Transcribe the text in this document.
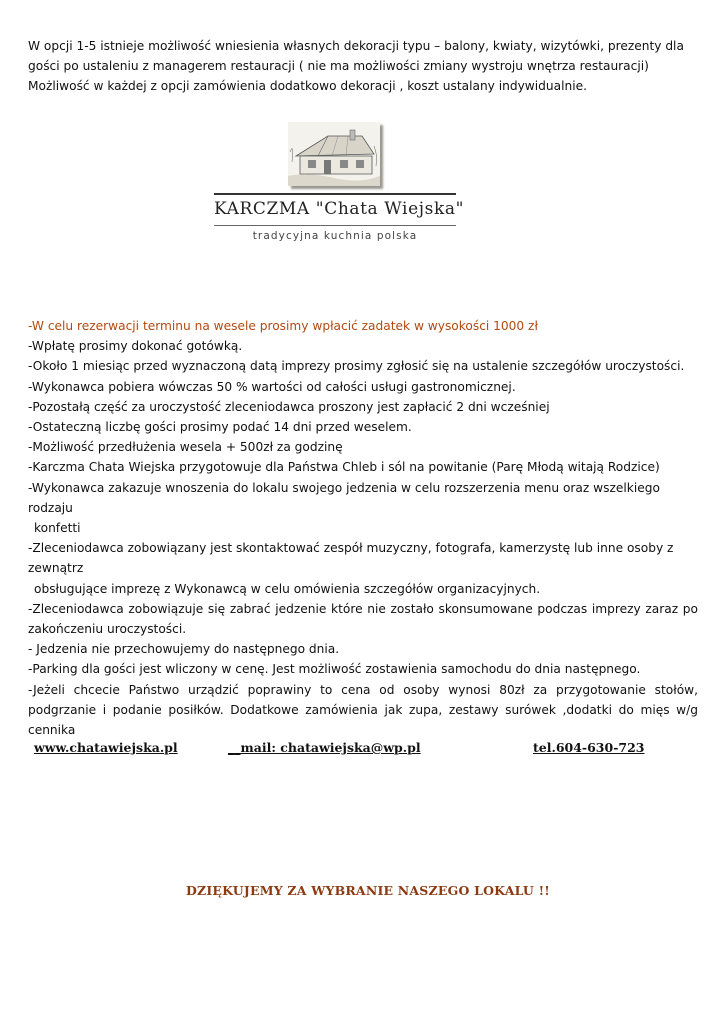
W opcji 1-5 istnieje możliwość wniesienia własnych dekoracji typu – balony, kwiaty, wizytówki, prezenty dla gości po ustaleniu z managerem restauracji ( nie ma możliwości zmiany wystroju wnętrza restauracji)

Możliwość w każdej z opcji zamówienia dodatkowo dekoracji , koszt ustalany indywidualnie.

KARCZMA "Chata Wiejska"
tradycyjna kuchnia polska

-W celu rezerwacji terminu na wesele prosimy wpłacić zadatek w wysokości 1000 zł

-Wpłatę prosimy dokonać gotówką.

-Około 1 miesiąc przed wyznaczoną datą imprezy prosimy zgłosić się na ustalenie szczegółów uroczystości.

-Wykonawca pobiera wówczas 50 % wartości od całości usługi gastronomicznej.

-Pozostałą część za uroczystość zleceniodawca proszony jest zapłacić 2 dni wcześniej

-Ostateczną liczbę gości prosimy podać 14 dni przed weselem.

-Możliwość przedłużenia wesela + 500zł za godzinę

-Karczma Chata Wiejska przygotowuje dla Państwa Chleb i sól na powitanie (Parę Młodą witają Rodzice)

-Wykonawca zakazuje wnoszenia do lokalu swojego jedzenia w celu rozszerzenia menu oraz wszelkiego rodzaju

konfetti

-Zleceniodawca zobowiązany jest skontaktować zespół muzyczny, fotografa, kamerzystę lub inne osoby z zewnątrz

obsługujące imprezę z Wykonawcą w celu omówienia szczegółów organizacyjnych.

-Zleceniodawca zobowiązuje się zabrać jedzenie które nie zostało skonsumowane podczas imprezy zaraz po zakończeniu uroczystości.

- Jedzenia nie przechowujemy do następnego dnia.

-Parking dla gości jest wliczony w cenę. Jest możliwość zostawienia samochodu do dnia następnego.

-Jeżeli chcecie Państwo urządzić poprawiny to cena od osoby wynosi 80zł za przygotowanie stołów, podgrzanie i podanie posiłków. Dodatkowe zamówienia jak zupa, zestawy surówek ,dodatki do mięs w/g cennika

www.chatawiejska.pl	__mail: chatawiejska@wp.pl	tel.604-630-723
DZIĘKUJEMY ZA WYBRANIE NASZEGO LOKALU !!
